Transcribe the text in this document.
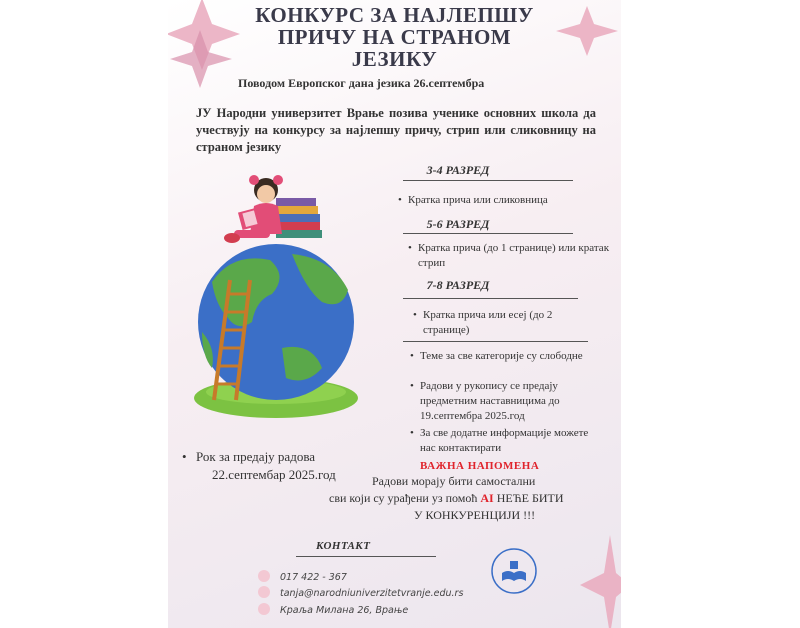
КОНКУРС ЗА НАЈЛЕПШУ
ПРИЧУ НА СТРАНОМ
ЈЕЗИКУ

Поводом Европског дана језика 26.септембра

ЈУ Народни универзитет Врање позива ученике основних школа да учествују на конкурсу за најлепшу причу, стрип или сликовницу на страном језику

3-4 РАЗРЕД

• Кратка прича или сликовница

5-6 РАЗРЕД

• Кратка прича (до 1 странице) или кратак стрип

7-8 РАЗРЕД

• Кратка прича или есеј (до 2 странице)

• Теме за све категорије су слободне

• Радови у рукопису се предају предметним наставницима до 19.септембра 2025.год

• За све додатне информације можете нас контактирати

• Рок за предају радова
22.септембар 2025.год
ВАЖНА НАПОМЕНА
Радови морају бити самостални
сви који су урађени уз помоћ AI НЕЋЕ БИТИ
У КОНКУРЕНЦИЈИ !!!
КОНТАКТ
017 422 - 367
tanja@narodniuniverzitetvranje.edu.rs
Краља Милана 26, Врање
